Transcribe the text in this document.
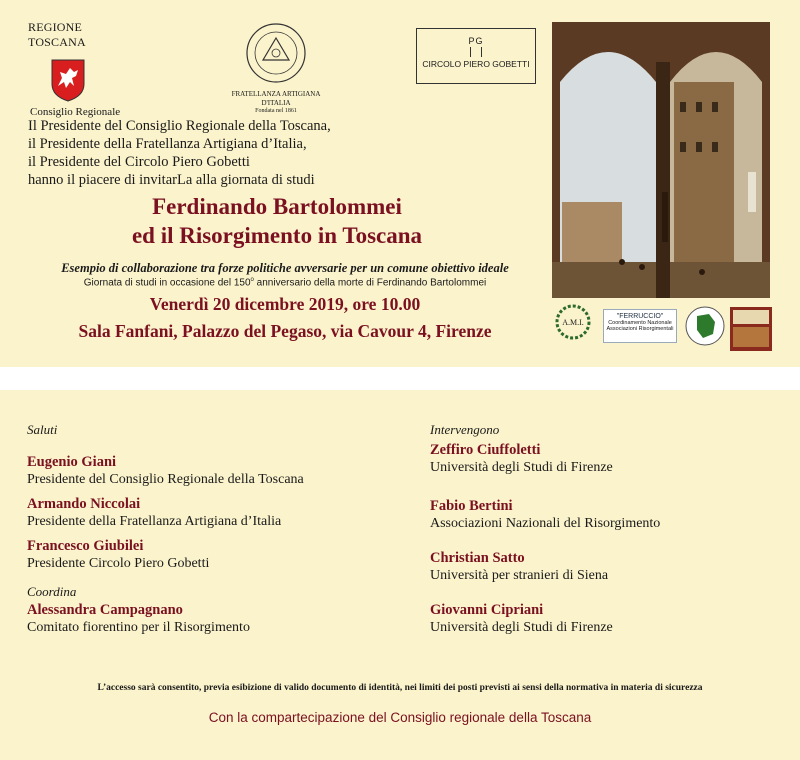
REGIONE TOSCANA
Consiglio Regionale
FRATELLANZA ARTIGIANA D'ITALIA
Fondata nel 1861
PG
CIRCOLO PIERO GOBETTI
Il Presidente del Consiglio Regionale della Toscana,
il Presidente della Fratellanza Artigiana d’Italia,
il Presidente del Circolo Piero Gobetti
hanno il piacere di invitarLa alla giornata di studi
Ferdinando Bartolommei
ed il Risorgimento in Toscana
Esempio di collaborazione tra forze politiche avversarie per un comune obiettivo ideale
Giornata di studi in occasione del 150$^o$ anniversario della morte di Ferdinando Bartolommei
Venerdì 20 dicembre 2019, ore 10.00
Sala Fanfani, Palazzo del Pegaso, via Cavour 4, Firenze	A.M.I.
"FERRUCCIO"
Coordinamento Nazionale Associazioni Risorgimentali
Saluti
Eugenio Giani
Presidente del Consiglio Regionale della Toscana
Armando Niccolai
Presidente della Fratellanza Artigiana d’Italia
Francesco Giubilei
Presidente Circolo Piero Gobetti
Coordina
Alessandra Campagnano
Comitato fiorentino per il Risorgimento
Intervengono
Zeffiro Ciuffoletti
Università degli Studi di Firenze
Fabio Bertini
Associazioni Nazionali del Risorgimento
Christian Satto
Università per stranieri di Siena
Giovanni Cipriani
Università degli Studi di Firenze
L’accesso sarà consentito, previa esibizione di valido documento di identità, nei limiti dei posti previsti ai sensi della normativa in materia di sicurezza
Con la compartecipazione del Consiglio regionale della Toscana
